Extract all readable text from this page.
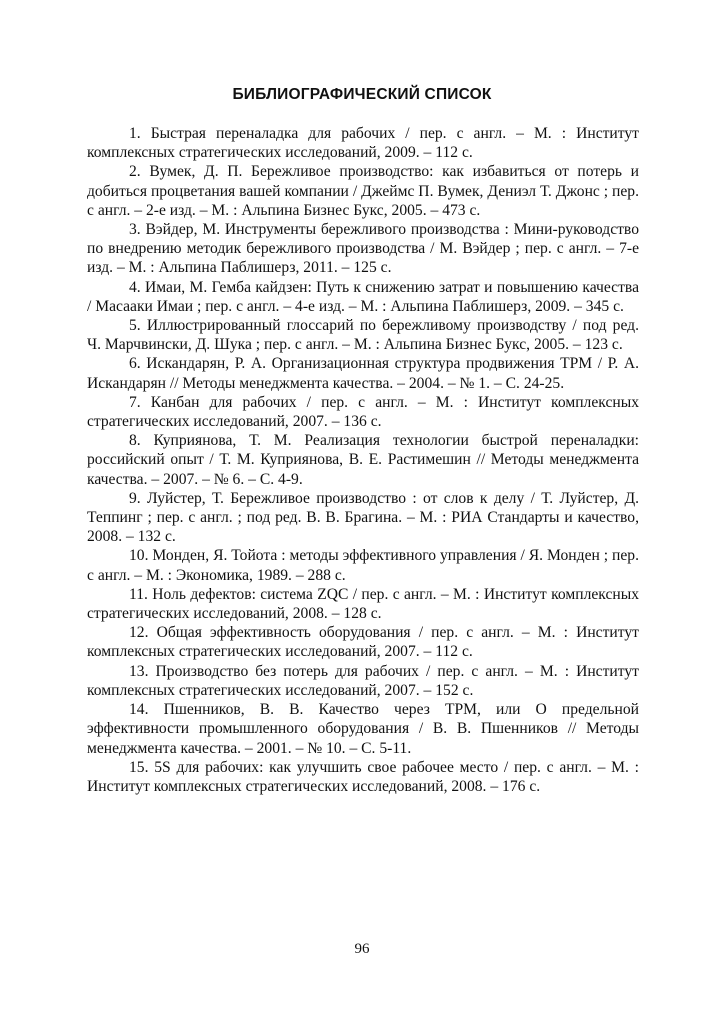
БИБЛИОГРАФИЧЕСКИЙ СПИСОК
1. Быстрая переналадка для рабочих / пер. с англ. – М. : Институт комплексных стратегических исследований, 2009. – 112 с.
2. Вумек, Д. П. Бережливое производство: как избавиться от потерь и добиться процветания вашей компании / Джеймс П. Вумек, Дениэл Т. Джонс ; пер. с англ. – 2-е изд. – М. : Альпина Бизнес Букс, 2005. – 473 с.
3. Вэйдер, М. Инструменты бережливого производства : Мини-руководство по внедрению методик бережливого производства / М. Вэйдер ; пер. с англ. – 7-е изд. – М. : Альпина Паблишерз, 2011. – 125 с.
4. Имаи, М. Гемба кайдзен: Путь к снижению затрат и повышению качества / Масааки Имаи ; пер. с англ. – 4-е изд. – М. : Альпина Паблишерз, 2009. – 345 с.
5. Иллюстрированный глоссарий по бережливому производству / под ред. Ч. Марчвински, Д. Шука ; пер. с англ. – М. : Альпина Бизнес Букс, 2005. – 123 с.
6. Искандарян, Р. А. Организационная структура продвижения TPM / Р. А. Искандарян // Методы менеджмента качества. – 2004. – № 1. – С. 24-25.
7. Канбан для рабочих / пер. с англ. – М. : Институт комплексных стратегических исследований, 2007. – 136 с.
8. Куприянова, Т. М. Реализация технологии быстрой переналадки: российский опыт / Т. М. Куприянова, В. Е. Растимешин // Методы менеджмента качества. – 2007. – № 6. – С. 4-9.
9. Луйстер, Т. Бережливое производство : от слов к делу / Т. Луйстер, Д. Теппинг ; пер. с англ. ; под ред. В. В. Брагина. – М. : РИА Стандарты и качество, 2008. – 132 с.
10. Монден, Я. Тойота : методы эффективного управления / Я. Монден ; пер. с англ. – М. : Экономика, 1989. – 288 с.
11. Ноль дефектов: система ZQC / пер. с англ. – М. : Институт комплексных стратегических исследований, 2008. – 128 с.
12. Общая эффективность оборудования / пер. с англ. – М. : Институт комплексных стратегических исследований, 2007. – 112 с.
13. Производство без потерь для рабочих / пер. с англ. – М. : Институт комплексных стратегических исследований, 2007. – 152 с.
14. Пшенников, В. В. Качество через TPM, или О предельной эффективности промышленного оборудования / В. В. Пшенников // Методы менеджмента качества. – 2001. – № 10. – С. 5-11.
15. 5S для рабочих: как улучшить свое рабочее место / пер. с англ. – М. : Институт комплексных стратегических исследований, 2008. – 176 с.

96
